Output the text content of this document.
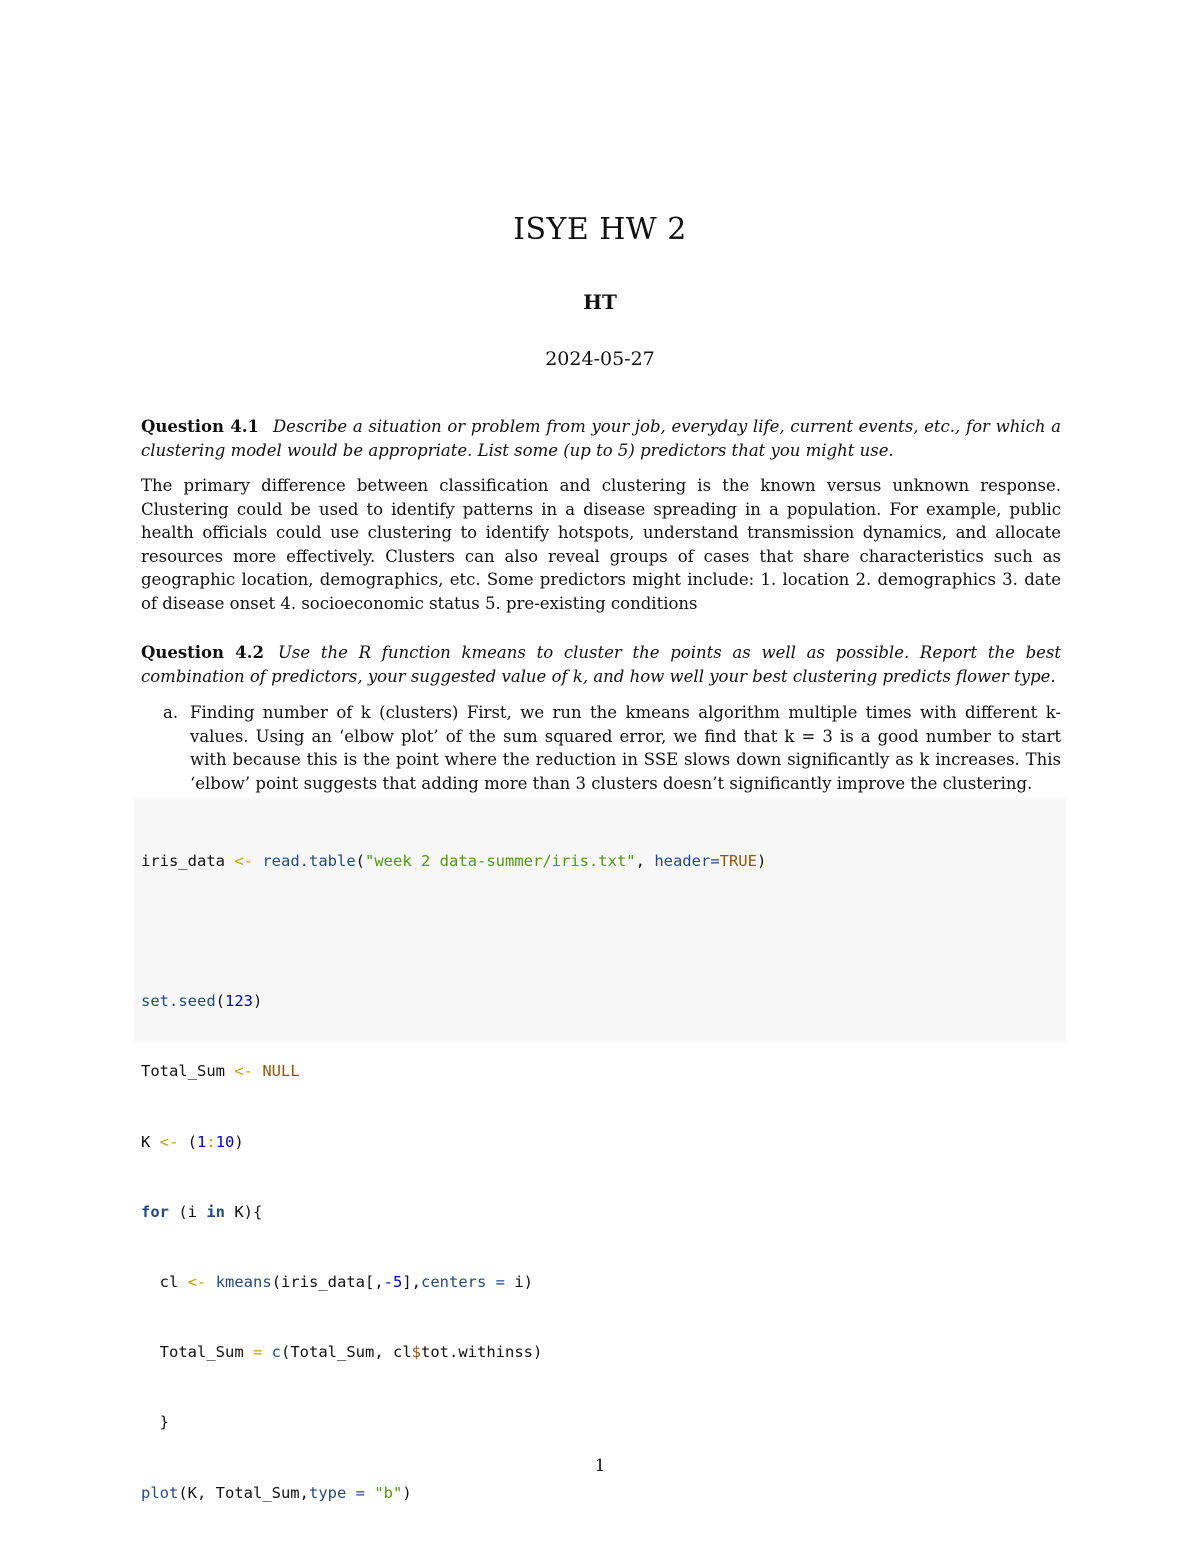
ISYE HW 2
HT
2024-05-27
Question 4.1 Describe a situation or problem from your job, everyday life, current events, etc., for which a clustering model would be appropriate. List some (up to 5) predictors that you might use.
The primary difference between classification and clustering is the known versus unknown response. Clustering could be used to identify patterns in a disease spreading in a population. For example, public health officials could use clustering to identify hotspots, understand transmission dynamics, and allocate resources more effectively. Clusters can also reveal groups of cases that share characteristics such as geographic location, demographics, etc. Some predictors might include: 1. location 2. demographics 3. date of disease onset 4. socioeconomic status 5. pre-existing conditions
Question 4.2 Use the R function kmeans to cluster the points as well as possible. Report the best combination of predictors, your suggested value of k, and how well your best clustering predicts flower type.
a. Finding number of k (clusters) First, we run the kmeans algorithm multiple times with different k-values. Using an ‘elbow plot’ of the sum squared error, we find that k = 3 is a good number to start with because this is the point where the reduction in SSE slows down significantly as k increases. This ‘elbow’ point suggests that adding more than 3 clusters doesn’t significantly improve the clustering.

iris_data <- read.table("week 2 data-summer/iris.txt", header=TRUE)

set.seed(123)

Total_Sum <- NULL

K <- (1:10)

for (i in K){

cl <- kmeans(iris_data[,-5],centers = i)

Total_Sum = c(Total_Sum, cl$tot.withinss)

}

plot(K, Total_Sum,type = "b")

1
